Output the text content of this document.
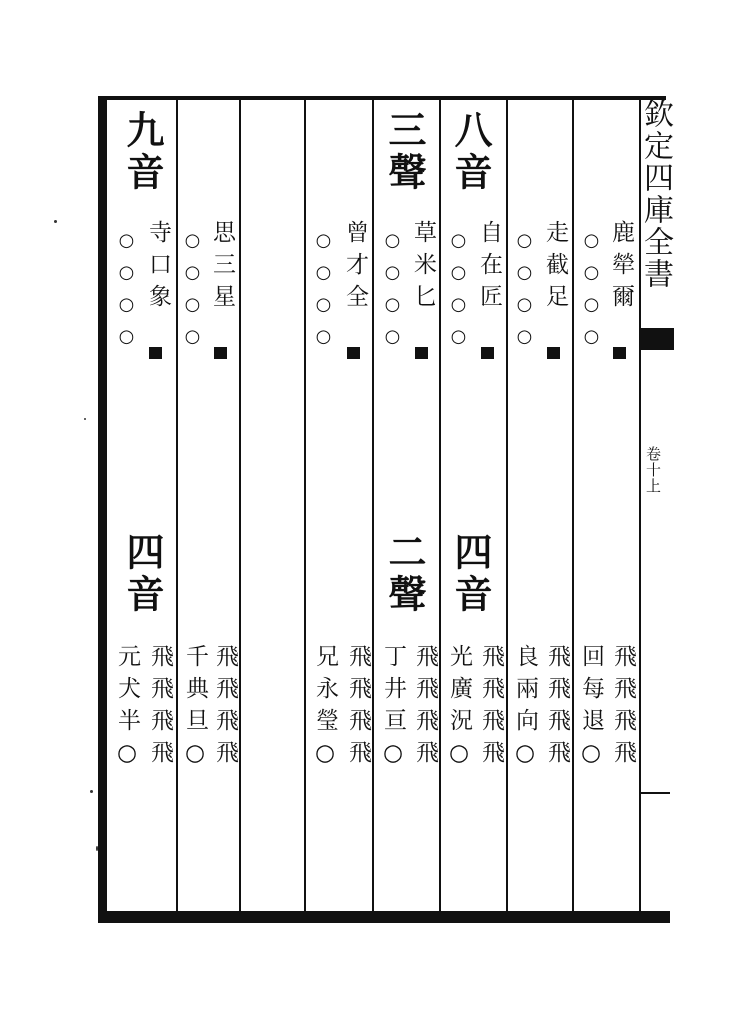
九音
寺口象
○○○○
四音
飛飛飛飛
元犬半○
思三星
○○○○
飛飛飛飛
千典旦○
曾才全
○○○○
飛飛飛飛
兄永瑩○
三聲
草米匕
○○○○
二聲
飛飛飛飛
丁井亘○
八音
自在匠
○○○○
四音
飛飛飛飛
光廣況○
走截足
○○○○
飛飛飛飛
良兩向○
鹿犖爾
○○○○
飛飛飛飛
回每退○
欽定四庫全書
卷十上
